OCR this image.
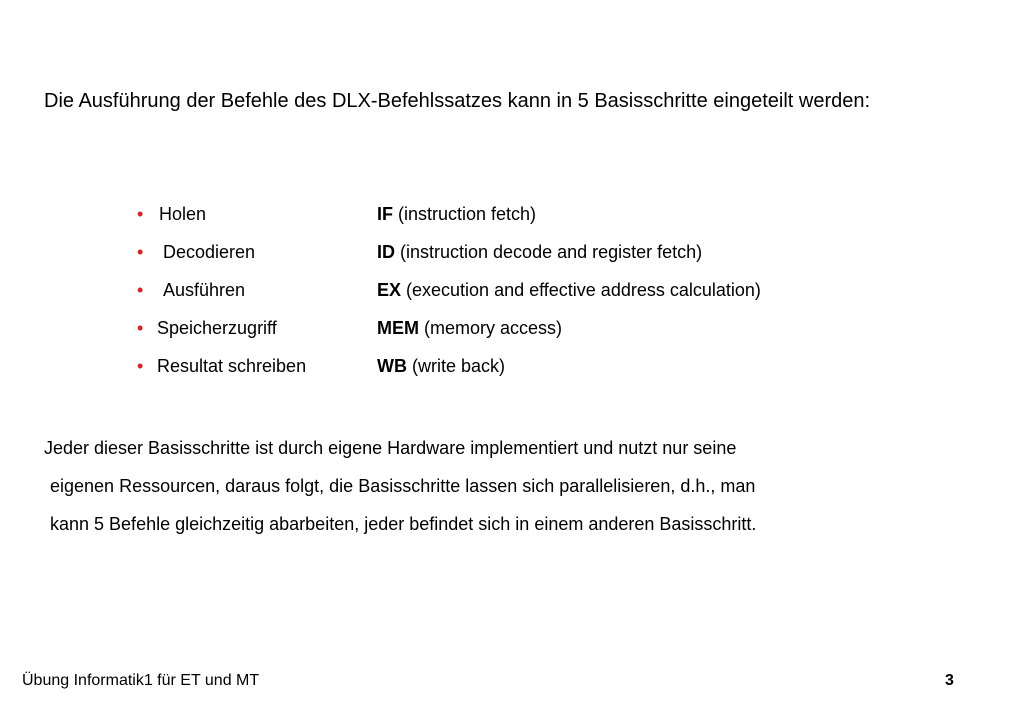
Die Ausführung der Befehle des DLX-Befehlssatzes kann in 5 Basisschritte eingeteilt werden:
• Holen	IF (instruction fetch)
• Decodieren	ID (instruction decode and register fetch)
• Ausführen	EX (execution and effective address calculation)
• Speicherzugriff	MEM (memory access)
• Resultat schreiben	WB (write back)
Jeder dieser Basisschritte ist durch eigene Hardware implementiert und nutzt nur seine
eigenen Ressourcen, daraus folgt, die Basisschritte lassen sich parallelisieren, d.h., man
kann 5 Befehle gleichzeitig abarbeiten, jeder befindet sich in einem anderen Basisschritt.
Übung Informatik1 für ET und MT	3
